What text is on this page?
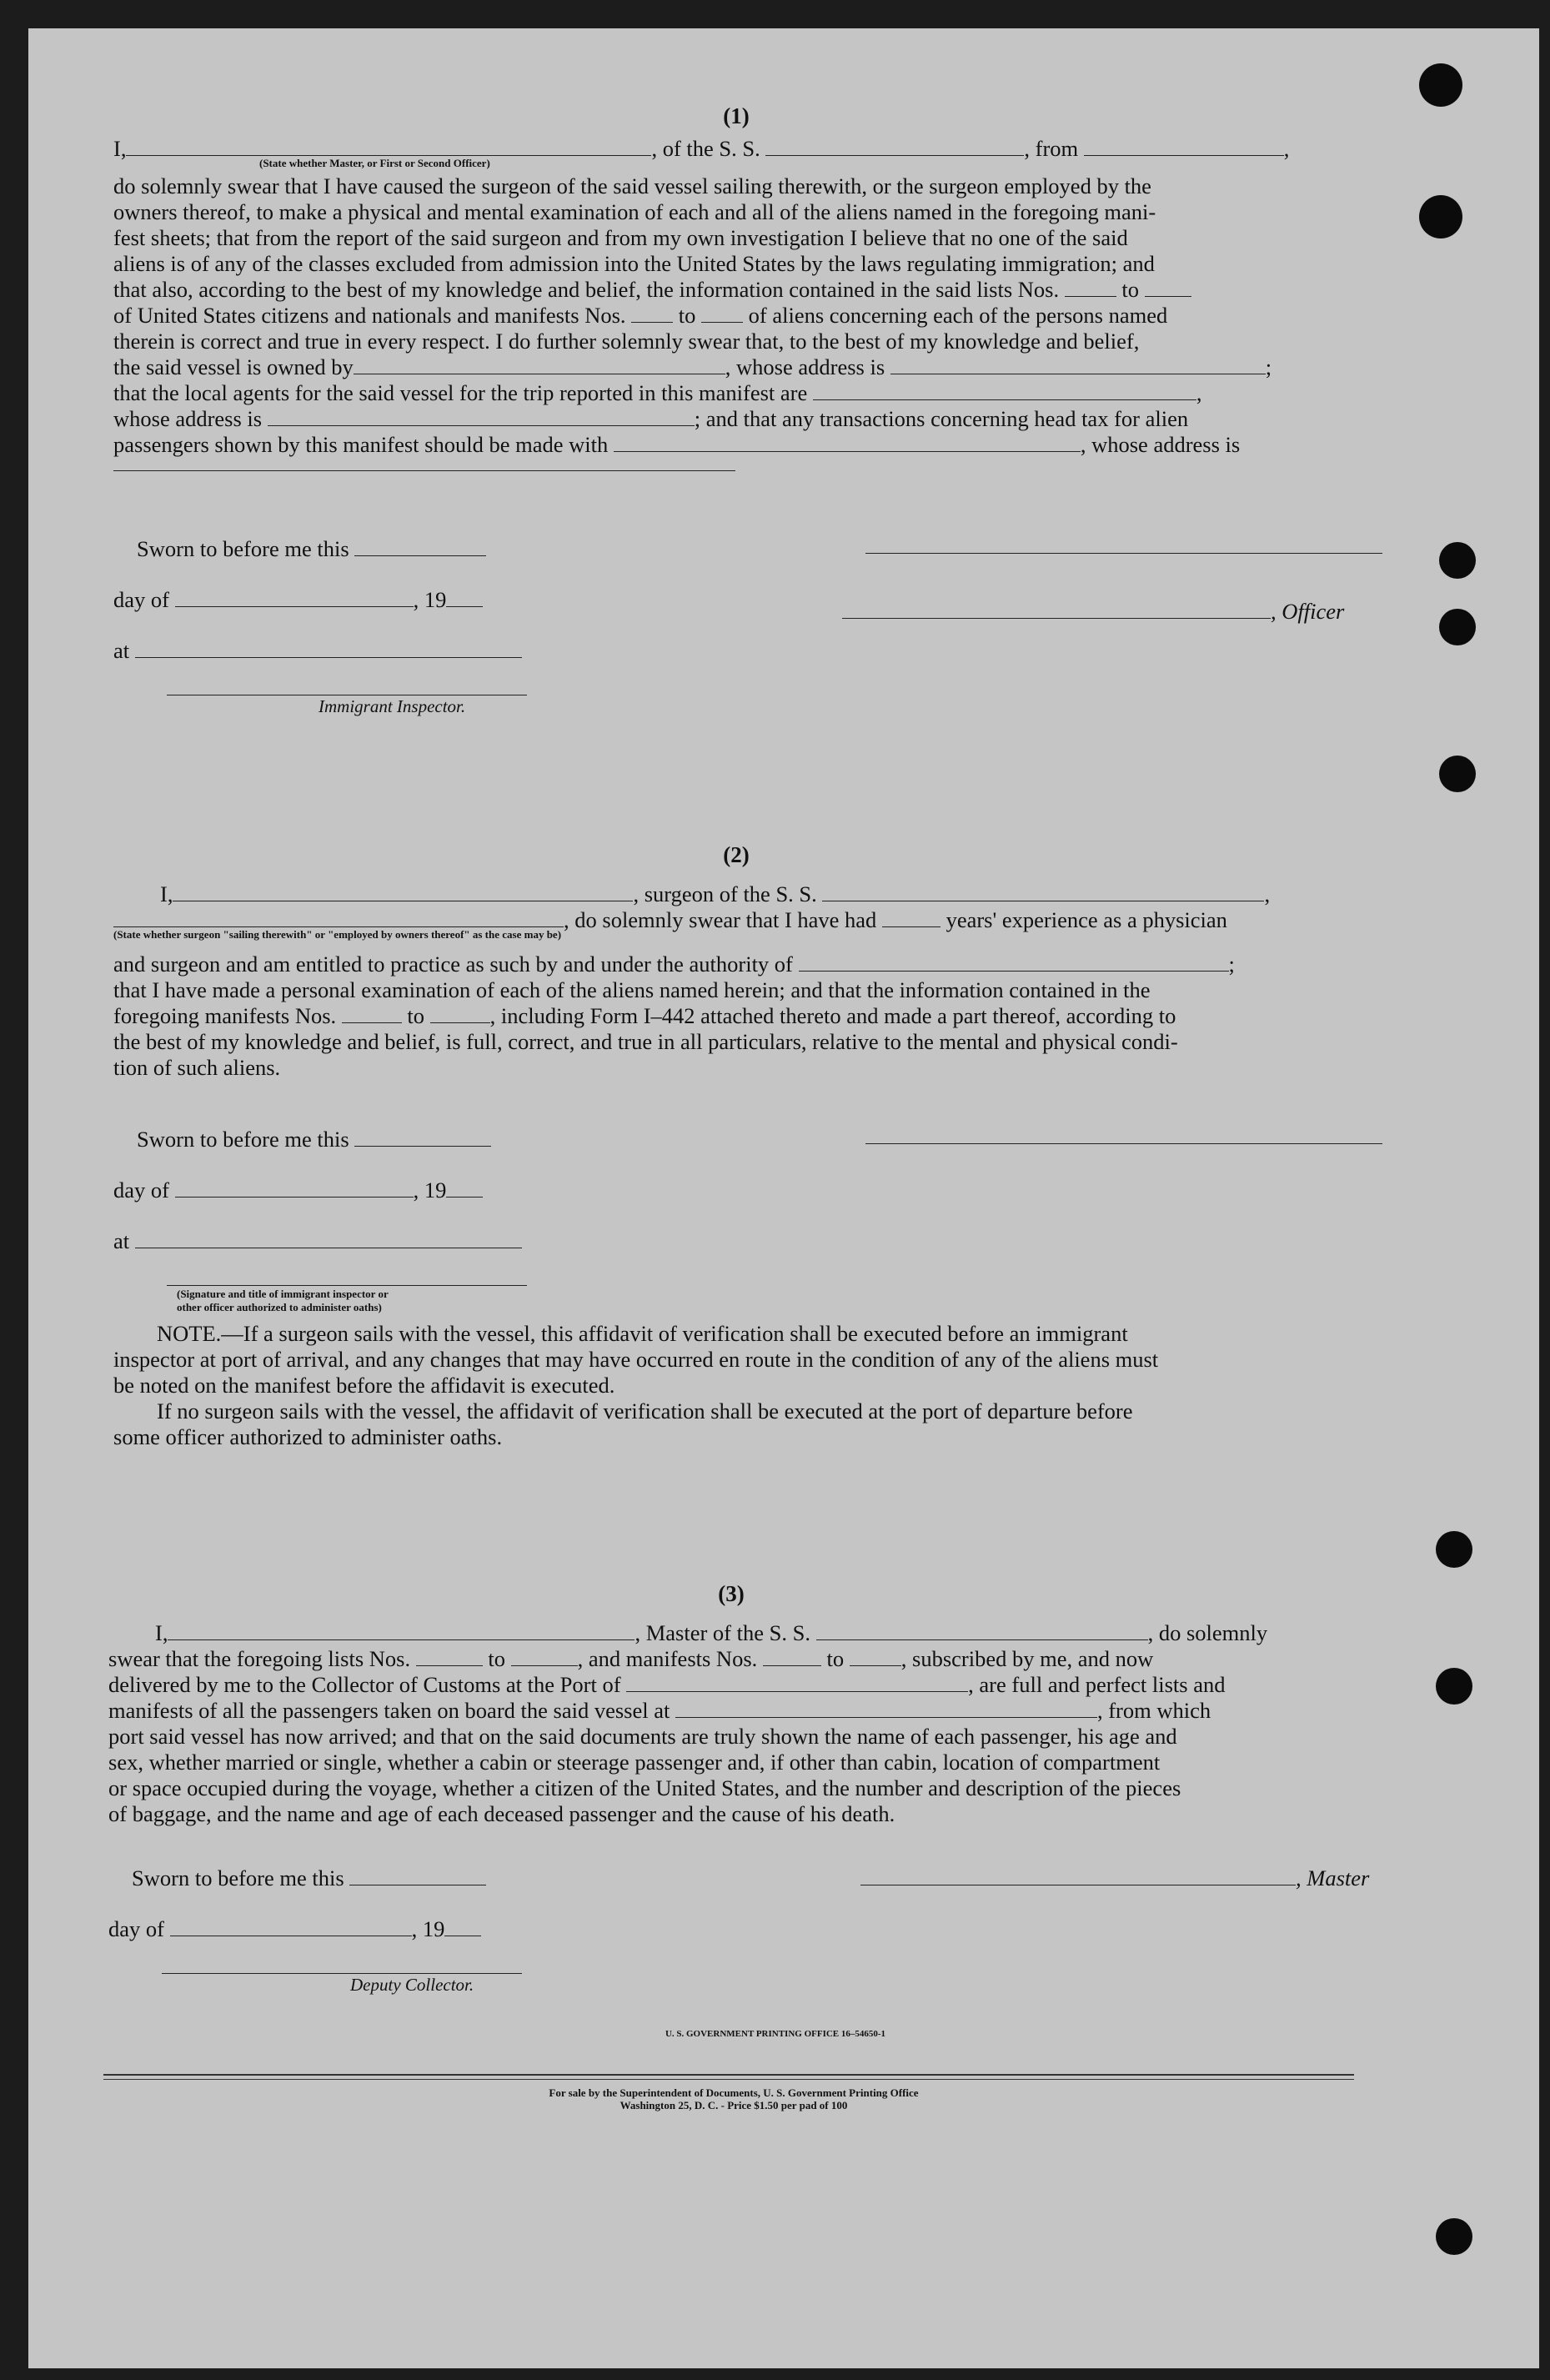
(1)
I,	, of the S. S.	, from	,
(State whether Master, or First or Second Officer)
do solemnly swear that I have caused the surgeon of the said vessel sailing therewith, or the surgeon employed by the
owners thereof, to make a physical and mental examination of each and all of the aliens named in the foregoing mani-
fest sheets; that from the report of the said surgeon and from my own investigation I believe that no one of the said
aliens is of any of the classes excluded from admission into the United States by the laws regulating immigration; and
that also, according to the best of my knowledge and belief, the information contained in the said lists Nos.	to
of United States citizens and nationals and manifests Nos. to of aliens concerning each of the persons named
therein is correct and true in every respect. I do further solemnly swear that, to the best of my knowledge and belief,
the said vessel is owned by	, whose address is	;
that the local agents for the said vessel for the trip reported in this manifest are	,
whose address is	; and that any transactions concerning head tax for alien
passengers shown by this manifest should be made with	, whose address is
Sworn to before me this
day of	, 19	, Officer
at
Immigrant Inspector.
(2)
I,	, surgeon of the S. S.	,
, do solemnly swear that I have had	years' experience as a physician
(State whether surgeon "sailing therewith" or "employed by owners thereof" as the case may be)
and surgeon and am entitled to practice as such by and under the authority of	;
that I have made a personal examination of each of the aliens named herein; and that the information contained in the
foregoing manifests Nos.	to	, including Form I–442 attached thereto and made a part thereof, according to
the best of my knowledge and belief, is full, correct, and true in all particulars, relative to the mental and physical condi-
tion of such aliens.
Sworn to before me this
day of	, 19
at
(Signature and title of immigrant inspector or
other officer authorized to administer oaths)
NOTE.—If a surgeon sails with the vessel, this affidavit of verification shall be executed before an immigrant
inspector at port of arrival, and any changes that may have occurred en route in the condition of any of the aliens must
be noted on the manifest before the affidavit is executed.
If no surgeon sails with the vessel, the affidavit of verification shall be executed at the port of departure before
some officer authorized to administer oaths.
(3)
I,	, Master of the S. S.	, do solemnly
swear that the foregoing lists Nos.	to	, and manifests Nos.	to	, subscribed by me, and now
delivered by me to the Collector of Customs at the Port of	, are full and perfect lists and
manifests of all the passengers taken on board the said vessel at	, from which
port said vessel has now arrived; and that on the said documents are truly shown the name of each passenger, his age and
sex, whether married or single, whether a cabin or steerage passenger and, if other than cabin, location of compartment
or space occupied during the voyage, whether a citizen of the United States, and the number and description of the pieces
of baggage, and the name and age of each deceased passenger and the cause of his death.
Sworn to before me this	, Master
day of	, 19
Deputy Collector.
U. S. GOVERNMENT PRINTING OFFICE 16–54650-1
For sale by the Superintendent of Documents, U. S. Government Printing Office
Washington 25, D. C. - Price $1.50 per pad of 100
